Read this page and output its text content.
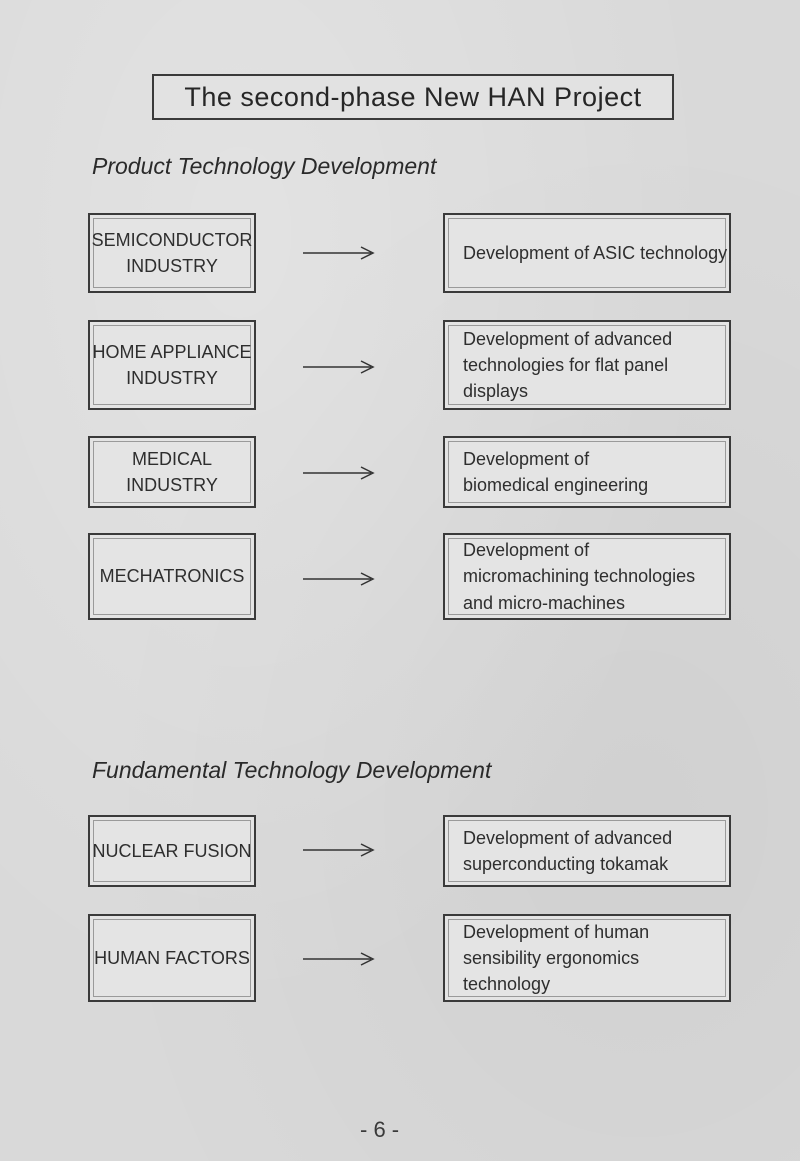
The second-phase New HAN Project
Product Technology Development
SEMICONDUCTOR
INDUSTRY
Development of ASIC technology
HOME APPLIANCE
INDUSTRY
Development of advanced
technologies for flat panel displays
MEDICAL INDUSTRY
Development of
biomedical engineering
MECHATRONICS
Development of
micromachining technologies
and micro-machines
Fundamental Technology Development
NUCLEAR FUSION
Development of advanced
superconducting tokamak
HUMAN FACTORS
Development of human
sensibility ergonomics technology
- 6 -
